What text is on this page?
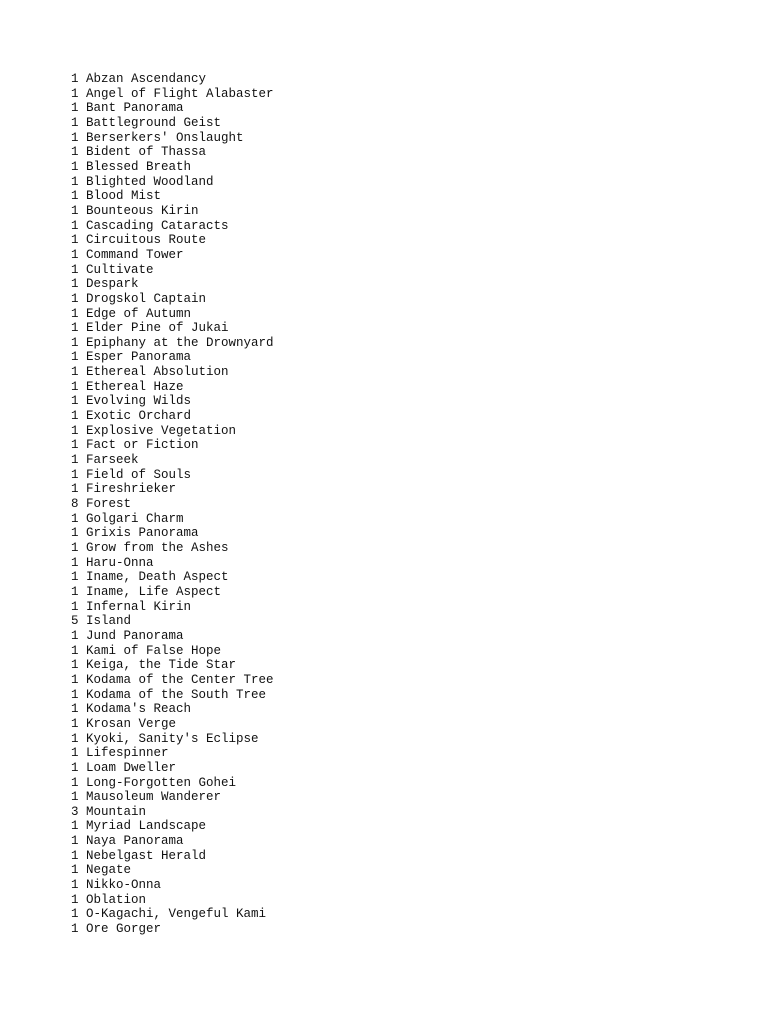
1 Abzan Ascendancy
1 Angel of Flight Alabaster
1 Bant Panorama
1 Battleground Geist
1 Berserkers' Onslaught
1 Bident of Thassa
1 Blessed Breath
1 Blighted Woodland
1 Blood Mist
1 Bounteous Kirin
1 Cascading Cataracts
1 Circuitous Route
1 Command Tower
1 Cultivate
1 Despark
1 Drogskol Captain
1 Edge of Autumn
1 Elder Pine of Jukai
1 Epiphany at the Drownyard
1 Esper Panorama
1 Ethereal Absolution
1 Ethereal Haze
1 Evolving Wilds
1 Exotic Orchard
1 Explosive Vegetation
1 Fact or Fiction
1 Farseek
1 Field of Souls
1 Fireshrieker
8 Forest
1 Golgari Charm
1 Grixis Panorama
1 Grow from the Ashes
1 Haru-Onna
1 Iname, Death Aspect
1 Iname, Life Aspect
1 Infernal Kirin
5 Island
1 Jund Panorama
1 Kami of False Hope
1 Keiga, the Tide Star
1 Kodama of the Center Tree
1 Kodama of the South Tree
1 Kodama's Reach
1 Krosan Verge
1 Kyoki, Sanity's Eclipse
1 Lifespinner
1 Loam Dweller
1 Long-Forgotten Gohei
1 Mausoleum Wanderer
3 Mountain
1 Myriad Landscape
1 Naya Panorama
1 Nebelgast Herald
1 Negate
1 Nikko-Onna
1 Oblation
1 O-Kagachi, Vengeful Kami
1 Ore Gorger
